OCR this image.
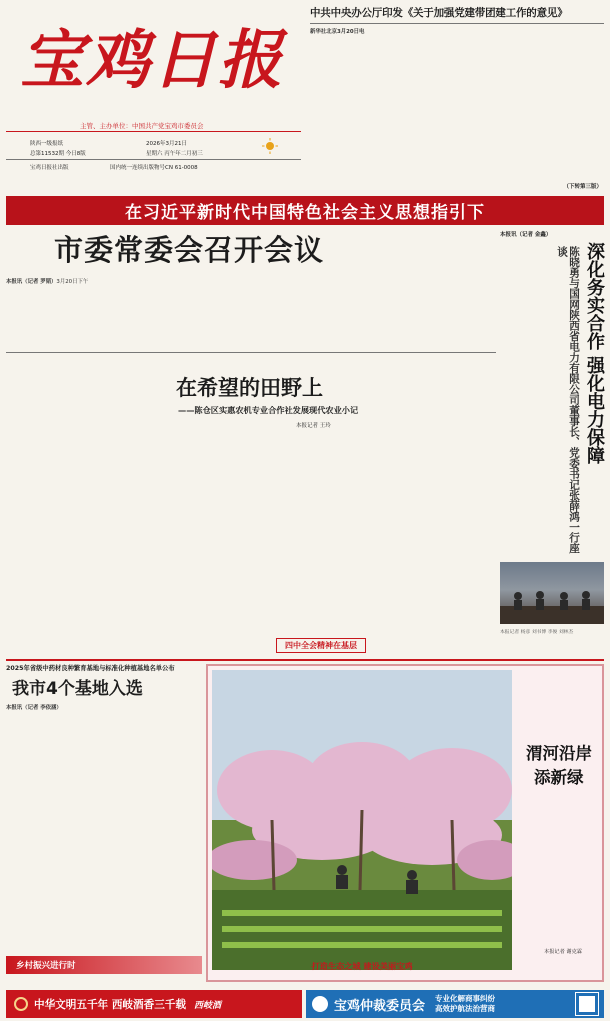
宝鸡日报
主管、主办单位：中国共产党宝鸡市委员会
陕西一级报纸
总第11532期 今日8版
2026年3月21日
星期六 丙午年二月初三
宝鸡日报社出版	国内统一连续出版物号CN 61-0008
中共中央办公厅印发《关于加强党建带团建工作的意见》
新华社北京3月20日电
（下转第三版）
在习近平新时代中国特色社会主义思想指引下
市委常委会召开会议
本报讯（记者 罗韬）3月20日下午
本报讯（记者 金鑫）
深化务实合作 强化电力保障
陈晓勇与国网陕西省电力有限公司董事长、党委书记张薛鸿一行座谈
本报记者 杨彦 刘书博 李俊 刘林杰
在希望的田野上
——陈仓区实惠农机专业合作社发展现代农业小记
本报记者 王玲
四中全会精神在基层
2025年省级中药材良种繁育基地与标准化种植基地名单公布
我市4个基地入选
本报讯（记者 李依涵）
乡村振兴进行时	打造生态之城 建设美丽宝鸡
渭河沿岸
添新绿
本报记者 谢克霖
中华文明五千年 西岐酒香三千载 西岐酒	宝鸡仲裁委员会 专业化解商事纠纷
高效护航法治营商
